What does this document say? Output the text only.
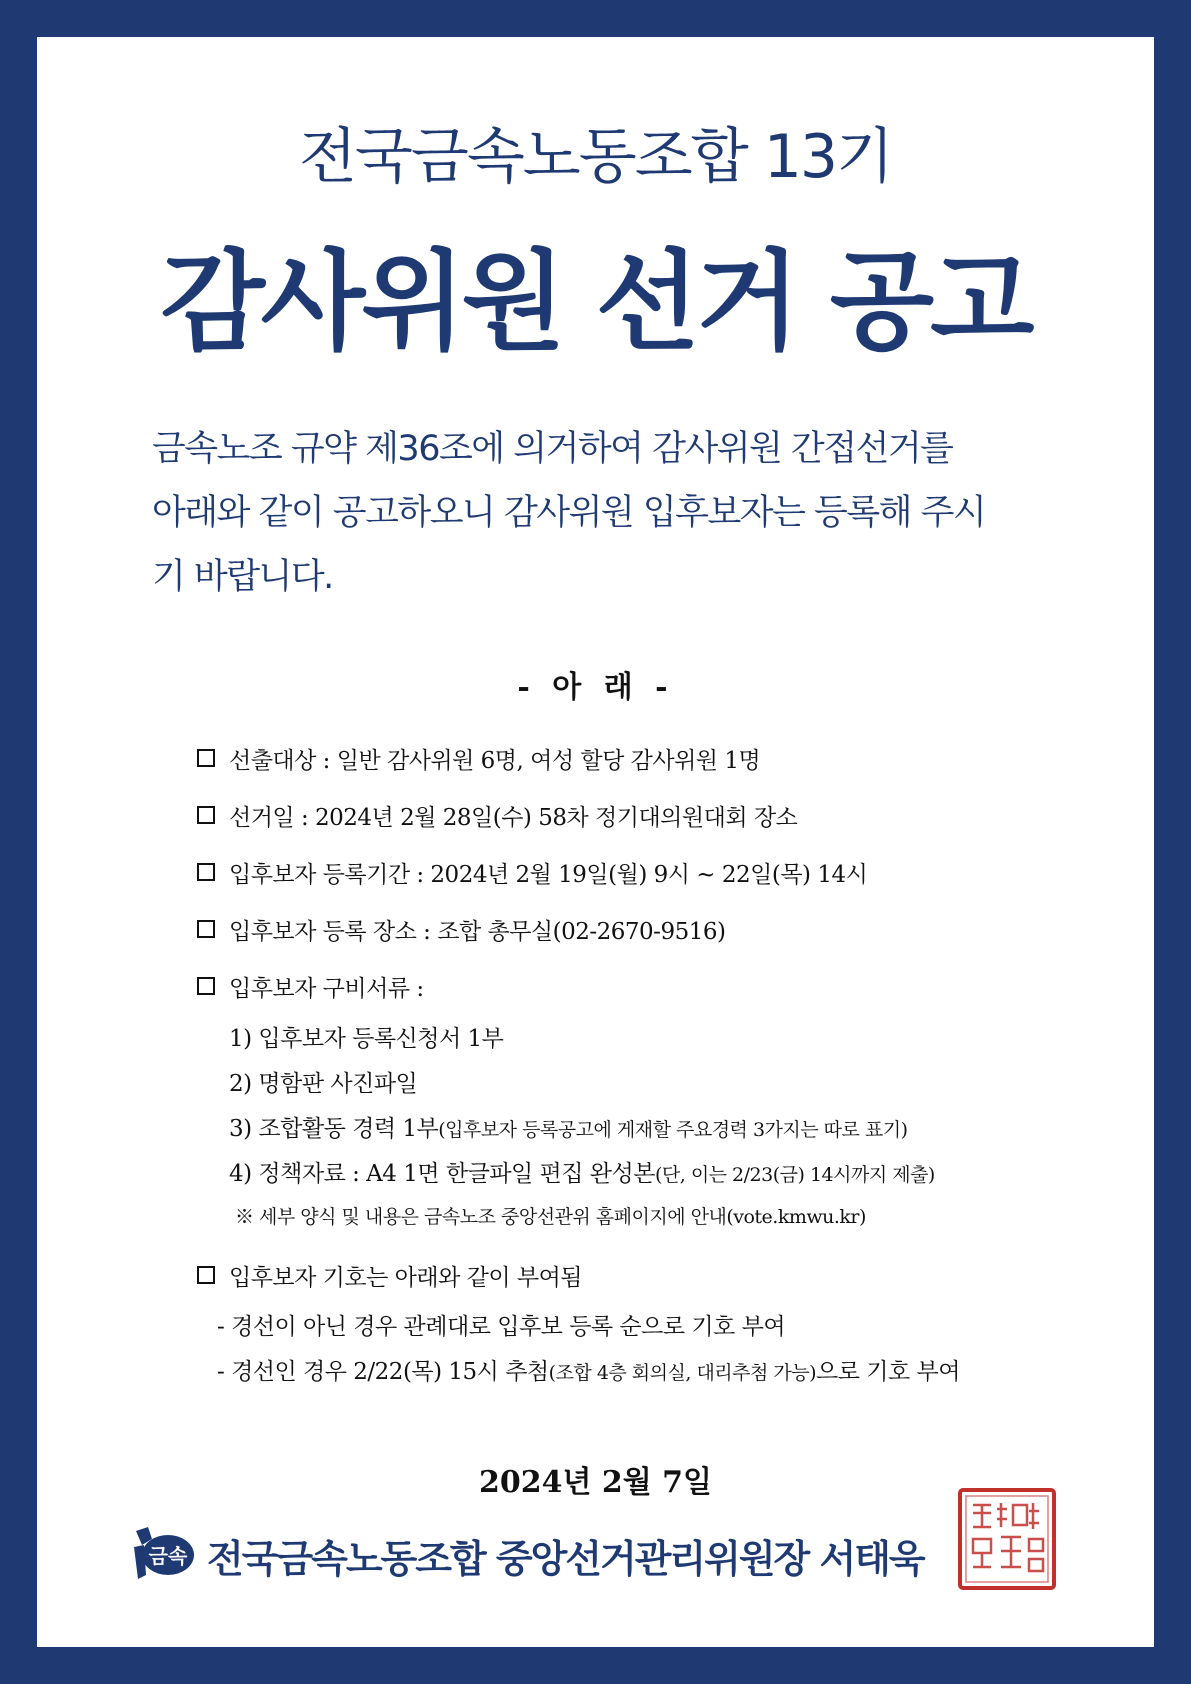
전국금속노동조합 13기
감사위원 선거 공고
금속노조 규약 제36조에 의거하여 감사위원 간접선거를
아래와 같이 공고하오니 감사위원 입후보자는 등록해 주시
기 바랍니다.
- 아 래 -
선출대상 : 일반 감사위원 6명, 여성 할당 감사위원 1명
선거일 : 2024년 2월 28일(수) 58차 정기대의원대회 장소
입후보자 등록기간 : 2024년 2월 19일(월) 9시 ~ 22일(목) 14시
입후보자 등록 장소 : 조합 총무실(02-2670-9516)
입후보자 구비서류 :
1) 입후보자 등록신청서 1부
2) 명함판 사진파일
3) 조합활동 경력 1부(입후보자 등록공고에 게재할 주요경력 3가지는 따로 표기)
4) 정책자료 : A4 1면 한글파일 편집 완성본(단, 이는 2/23(금) 14시까지 제출)
※ 세부 양식 및 내용은 금속노조 중앙선관위 홈페이지에 안내(vote.kmwu.kr)
입후보자 기호는 아래와 같이 부여됨
- 경선이 아닌 경우 관례대로 입후보 등록 순으로 기호 부여
- 경선인 경우 2/22(목) 15시 추첨(조합 4층 회의실, 대리추첨 가능)으로 기호 부여
2024년 2월 7일
금속 전국금속노동조합 중앙선거관리위원장 서태욱
